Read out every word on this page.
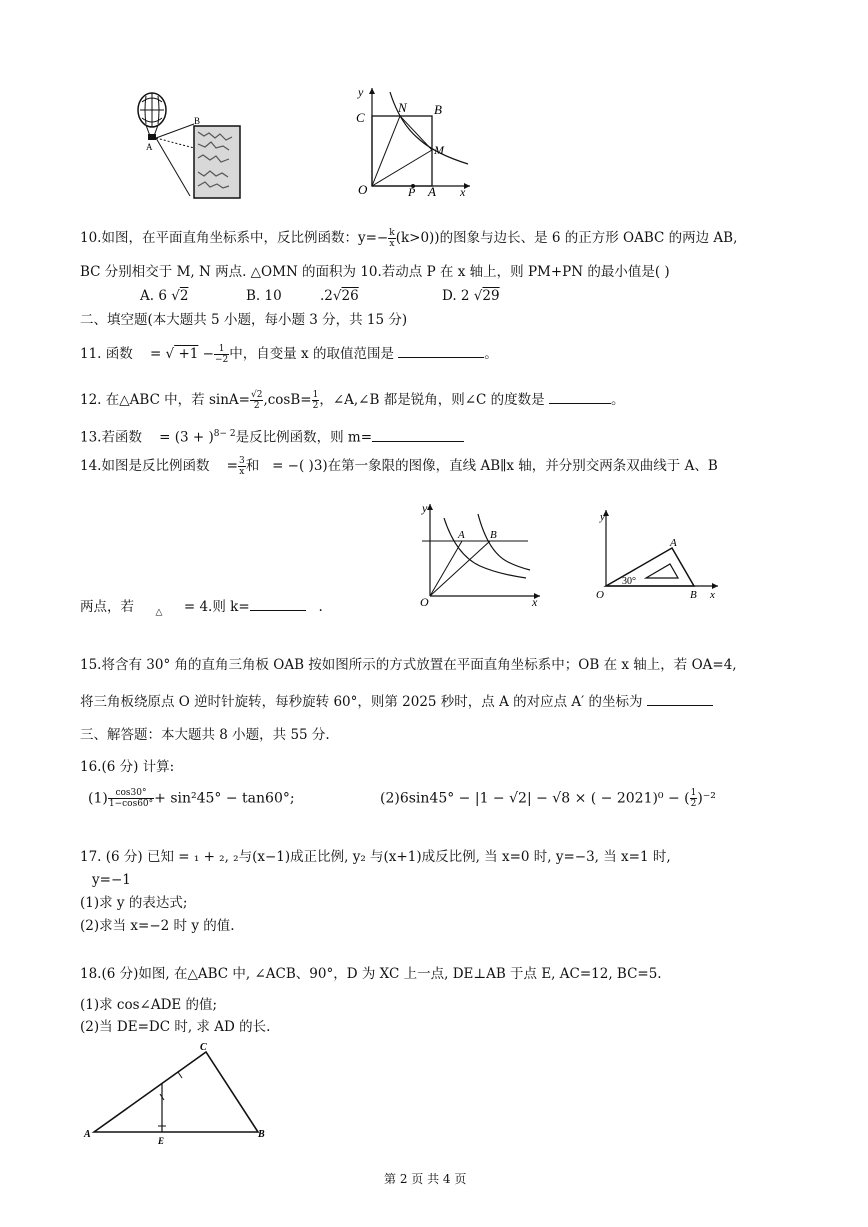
B
A
y
C
N B
M
O	P A x
10.如图，在平面直角坐标系中，反比例函数：$y=- \frac{k}{x} (k>0)$)的图象与边长、是 6 的正方形 OABC 的两边 AB,
BC 分别相交于 M, N 两点. △OMN 的面积为 10.若动点 P 在 x 轴上，则 PM+PN 的最小值是( )
A. 6 √2	B. 10	.2√26	D. 2 √29
二、填空题(本大题共 5 小题，每小题 3 分，共 15 分)
11. 函数 = √ $+1 - \frac{1}{-2}$ 中，自变量 x 的取值范围是	。
12. 在△ABC 中，若 $\sin A= \frac{√2}{2} ,\cos B= \frac{1}{2}$ ，∠A,∠B 都是锐角，则∠C 的度数是	。
13.若函数 = $(3 + )^{8- 2}$是反比例函数，则 m=
14.如图是反比例函数 = $\frac{3}{x}$ 和 = −( )3)在第一象限的图像，直线 AB∥x 轴，并分别交两条双曲线于 A、B
y
A B
O	x
y
A
30°
O	B x
两点，若 $_\triangle$ = 4.则 k=	.
15.将含有 30° 角的直角三角板 OAB 按如图所示的方式放置在平面直角坐标系中；OB 在 x 轴上，若 OA=4,
将三角板绕原点 O 逆时针旋转，每秒旋转 60°，则第 2025 秒时，点 A 的对应点 A′ 的坐标为
三、解答题：本大题共 8 小题，共 55 分.
16.(6 分) 计算:
$(1) \frac{\cos 30^\circ}{1-\cos 60^\circ} + \sin^245^\circ - \tan 60^\circ$;	(2)6sin45° − |1 − √2| − √8 × ( − 2021)⁰ − ( $\frac{1}{2} )^{-2}$
17. (6 分) 已知 = ₁ + ₂, ₂与(x−1)成正比例, y₂ 与(x+1)成反比例, 当 x=0 时, y=−3, 当 x=1 时,
y=−1
(1)求 y 的表达式;
(2)求当 x=−2 时 y 的值.
18.(6 分)如图, 在△ABC 中, ∠ACB、90°，D 为 XC 上一点, DE⊥AB 于点 E, AC=12, BC=5.
(1)求 cos∠ADE 的值;
(2)当 DE=DC 时, 求 AD 的长.
C
A
E
B
第 2 页 共 4 页
